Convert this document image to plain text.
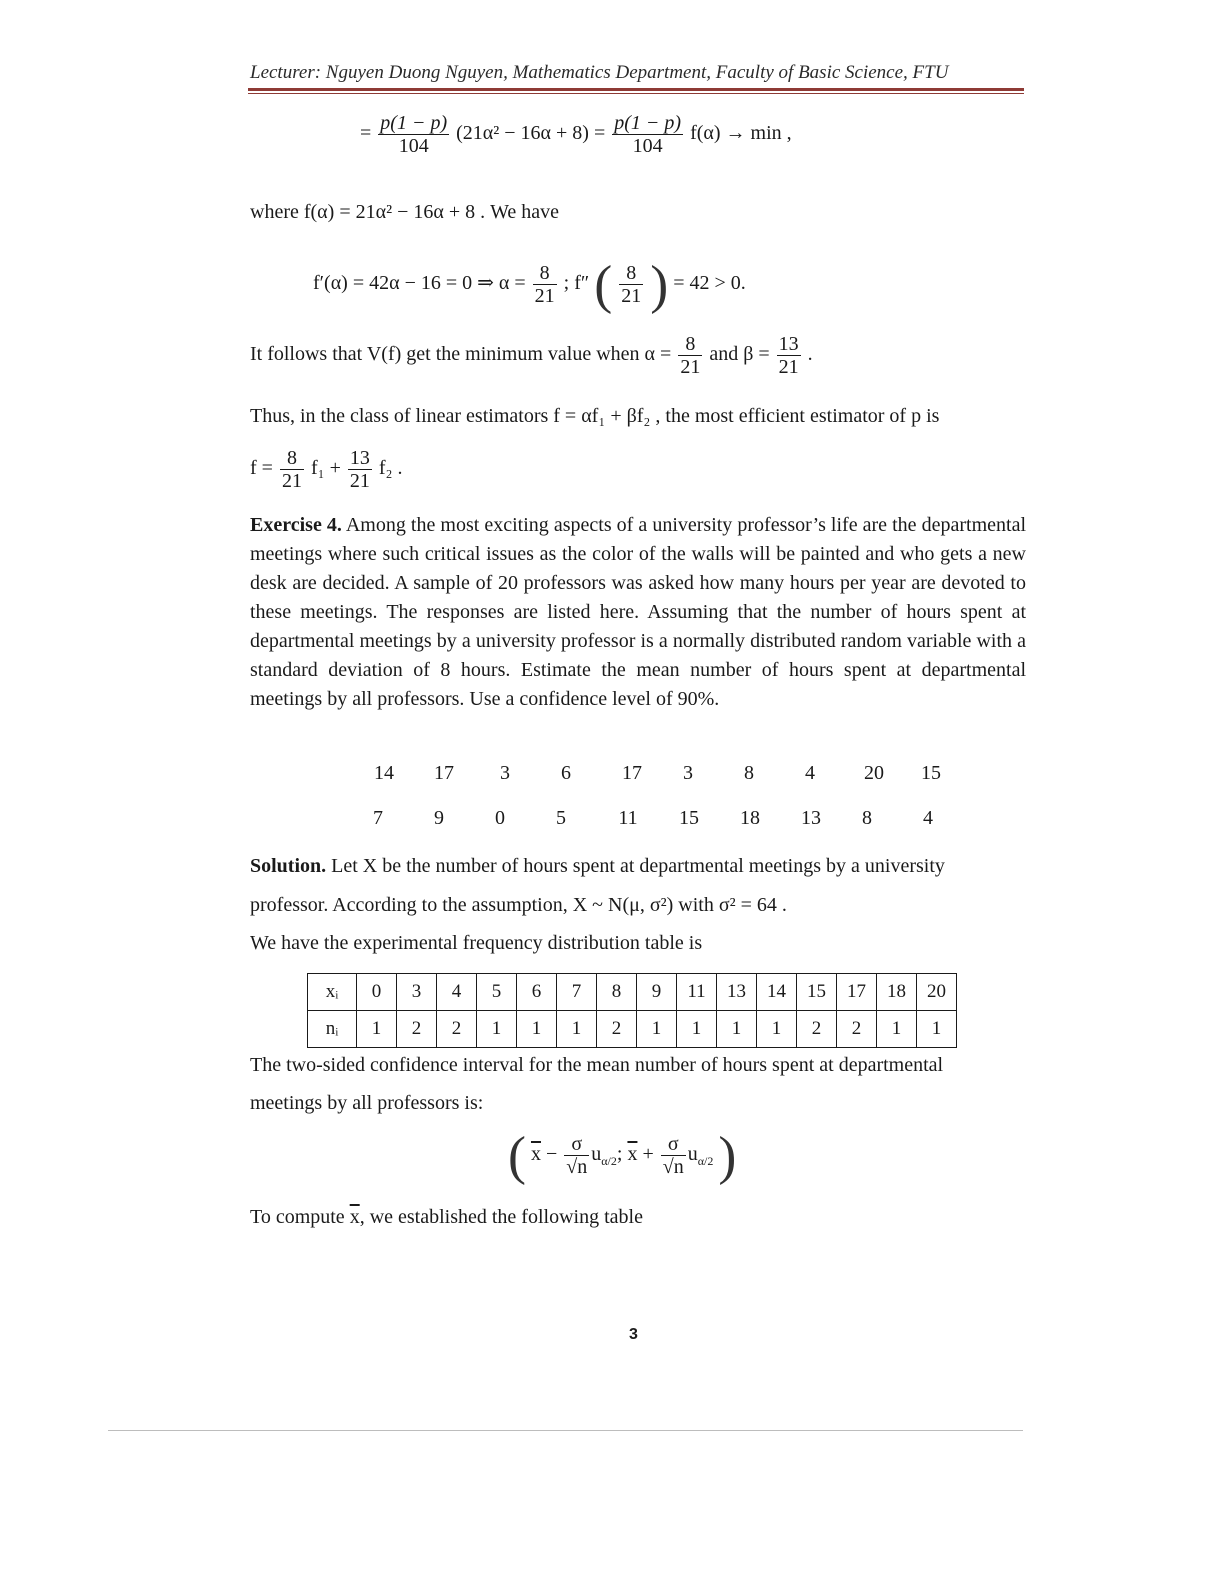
Lecturer: Nguyen Duong Nguyen, Mathematics Department, Faculty of Basic Science, FTU
= $\frac{p(1 - p)}{104} (21\alpha^2 - 16\alpha + 8) = \frac{p(1 - p)}{104} f(\alpha) \to \min$ ,
where f(α) = 21α² − 16α + 8 . We have
f′(α) = 42α − 16 = 0 ⇒ $\alpha = \frac{8}{21}$ ; f″ ( $\frac{8}{21}$ ) = 42 > 0.
It follows that V(f) get the minimum value when $\alpha = \frac{8}{21}$ and $\beta = \frac{13}{21}$ .
Thus, in the class of linear estimators f = αf₁ + βf₂ , the most efficient estimator of p is
$f = \frac{8}{21} f_1 + \frac{13}{21} f_2$ .
Exercise 4. Among the most exciting aspects of a university professor’s life are the departmental meetings where such critical issues as the color of the walls will be painted and who gets a new desk are decided. A sample of 20 professors was asked how many hours per year are devoted to these meetings. The responses are listed here. Assuming that the number of hours spent at departmental meetings by a university professor is a normally distributed random variable with a standard deviation of 8 hours. Estimate the mean number of hours spent at departmental meetings by all professors. Use a confidence level of 90%.
14	17	3	6	17	3	8	4	20	15
7	9	0	5	11	15	18	13	8	4
Solution. Let X be the number of hours spent at departmental meetings by a university
professor. According to the assumption, X ~ N(μ, σ²) with σ² = 64 .
We have the experimental frequency distribution table is
xᵢ	0	3	4	5	6	7	8	9	11	13	14	15	17	18	20
nᵢ	1	2	2	1	1	1	2	1	1	1	1	2	2	1	1
The two-sided confidence interval for the mean number of hours spent at departmental
meetings by all professors is:
( $\overline{x} - \frac{\sigma}{√n} u_{\alpha/2}$; $\overline{x} + \frac{\sigma}{√n} u_{\alpha/2}$ )
To compute $\overline{x}$, we established the following table
3
